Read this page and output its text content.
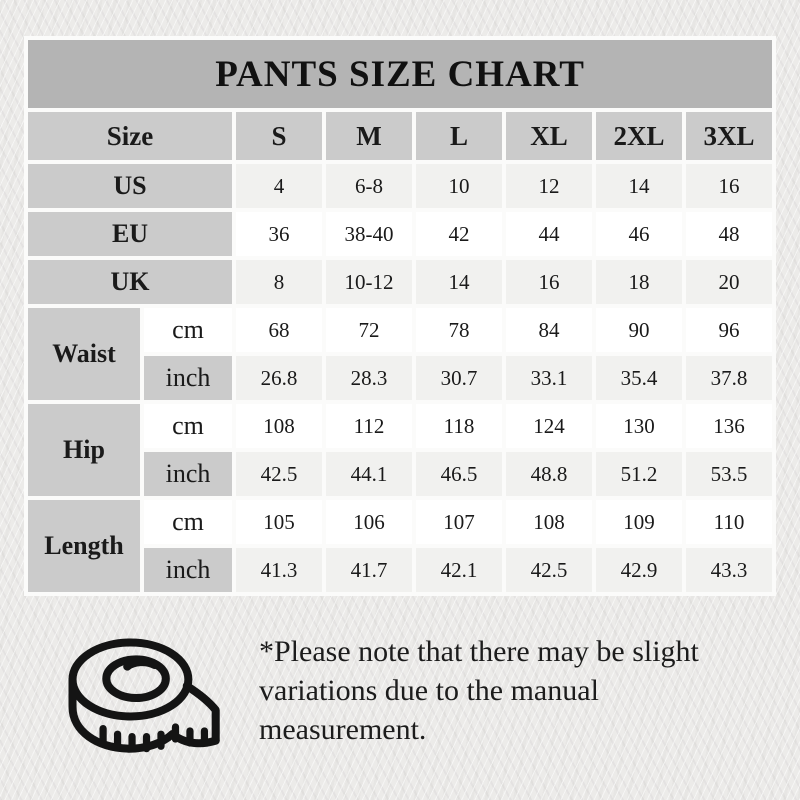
PANTS SIZE CHART							
Size		S	M	L	XL	2XL	3XL
US		4	6-8	10	12	14	16
EU		36	38-40	42	44	46	48
UK		8	10-12	14	16	18	20
Waist	cm	68	72	78	84	90	96
	inch	26.8	28.3	30.7	33.1	35.4	37.8
Hip	cm	108	112	118	124	130	136
	inch	42.5	44.1	46.5	48.8	51.2	53.5
Length	cm	105	106	107	108	109	110
	inch	41.3	41.7	42.1	42.5	42.9	43.3
*Please note that there may be slight variations due to the manual measurement.
